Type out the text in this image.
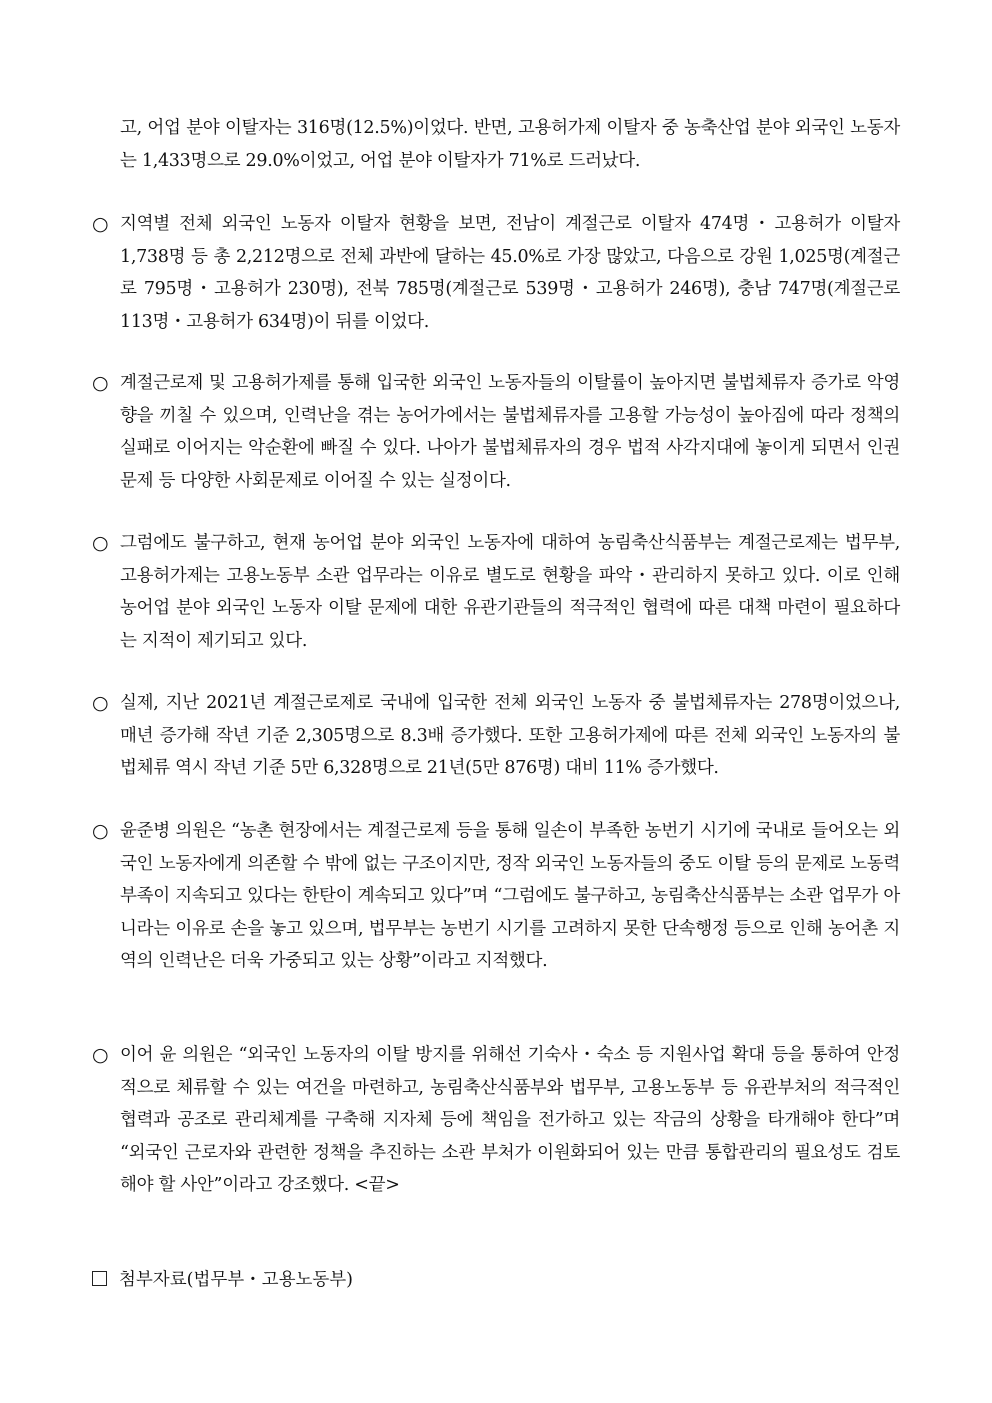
고, 어업 분야 이탈자는 316명(12.5%)이었다. 반면, 고용허가제 이탈자 중 농축산업 분야 외국인 노동자는 1,433명으로 29.0%이었고, 어업 분야 이탈자가 71%로 드러났다.
○ 지역별 전체 외국인 노동자 이탈자 현황을 보면, 전남이 계절근로 이탈자 474명・고용허가 이탈자 1,738명 등 총 2,212명으로 전체 과반에 달하는 45.0%로 가장 많았고, 다음으로 강원 1,025명(계절근로 795명・고용허가 230명), 전북 785명(계절근로 539명・고용허가 246명), 충남 747명(계절근로 113명・고용허가 634명)이 뒤를 이었다.
○ 계절근로제 및 고용허가제를 통해 입국한 외국인 노동자들의 이탈률이 높아지면 불법체류자 증가로 악영향을 끼칠 수 있으며, 인력난을 겪는 농어가에서는 불법체류자를 고용할 가능성이 높아짐에 따라 정책의 실패로 이어지는 악순환에 빠질 수 있다. 나아가 불법체류자의 경우 법적 사각지대에 놓이게 되면서 인권 문제 등 다양한 사회문제로 이어질 수 있는 실정이다.
○ 그럼에도 불구하고, 현재 농어업 분야 외국인 노동자에 대하여 농림축산식품부는 계절근로제는 법무부, 고용허가제는 고용노동부 소관 업무라는 이유로 별도로 현황을 파악・관리하지 못하고 있다. 이로 인해 농어업 분야 외국인 노동자 이탈 문제에 대한 유관기관들의 적극적인 협력에 따른 대책 마련이 필요하다는 지적이 제기되고 있다.
○ 실제, 지난 2021년 계절근로제로 국내에 입국한 전체 외국인 노동자 중 불법체류자는 278명이었으나, 매년 증가해 작년 기준 2,305명으로 8.3배 증가했다. 또한 고용허가제에 따른 전체 외국인 노동자의 불법체류 역시 작년 기준 5만 6,328명으로 21년(5만 876명) 대비 11% 증가했다.
○ 윤준병 의원은 “농촌 현장에서는 계절근로제 등을 통해 일손이 부족한 농번기 시기에 국내로 들어오는 외국인 노동자에게 의존할 수 밖에 없는 구조이지만, 정작 외국인 노동자들의 중도 이탈 등의 문제로 노동력 부족이 지속되고 있다는 한탄이 계속되고 있다”며 “그럼에도 불구하고, 농림축산식품부는 소관 업무가 아니라는 이유로 손을 놓고 있으며, 법무부는 농번기 시기를 고려하지 못한 단속행정 등으로 인해 농어촌 지역의 인력난은 더욱 가중되고 있는 상황”이라고 지적했다.
○ 이어 윤 의원은 “외국인 노동자의 이탈 방지를 위해선 기숙사・숙소 등 지원사업 확대 등을 통하여 안정적으로 체류할 수 있는 여건을 마련하고, 농림축산식품부와 법무부, 고용노동부 등 유관부처의 적극적인 협력과 공조로 관리체계를 구축해 지자체 등에 책임을 전가하고 있는 작금의 상황을 타개해야 한다”며 “외국인 근로자와 관련한 정책을 추진하는 소관 부처가 이원화되어 있는 만큼 통합관리의 필요성도 검토해야 할 사안”이라고 강조했다. <끝>
첨부자료(법무부・고용노동부)
